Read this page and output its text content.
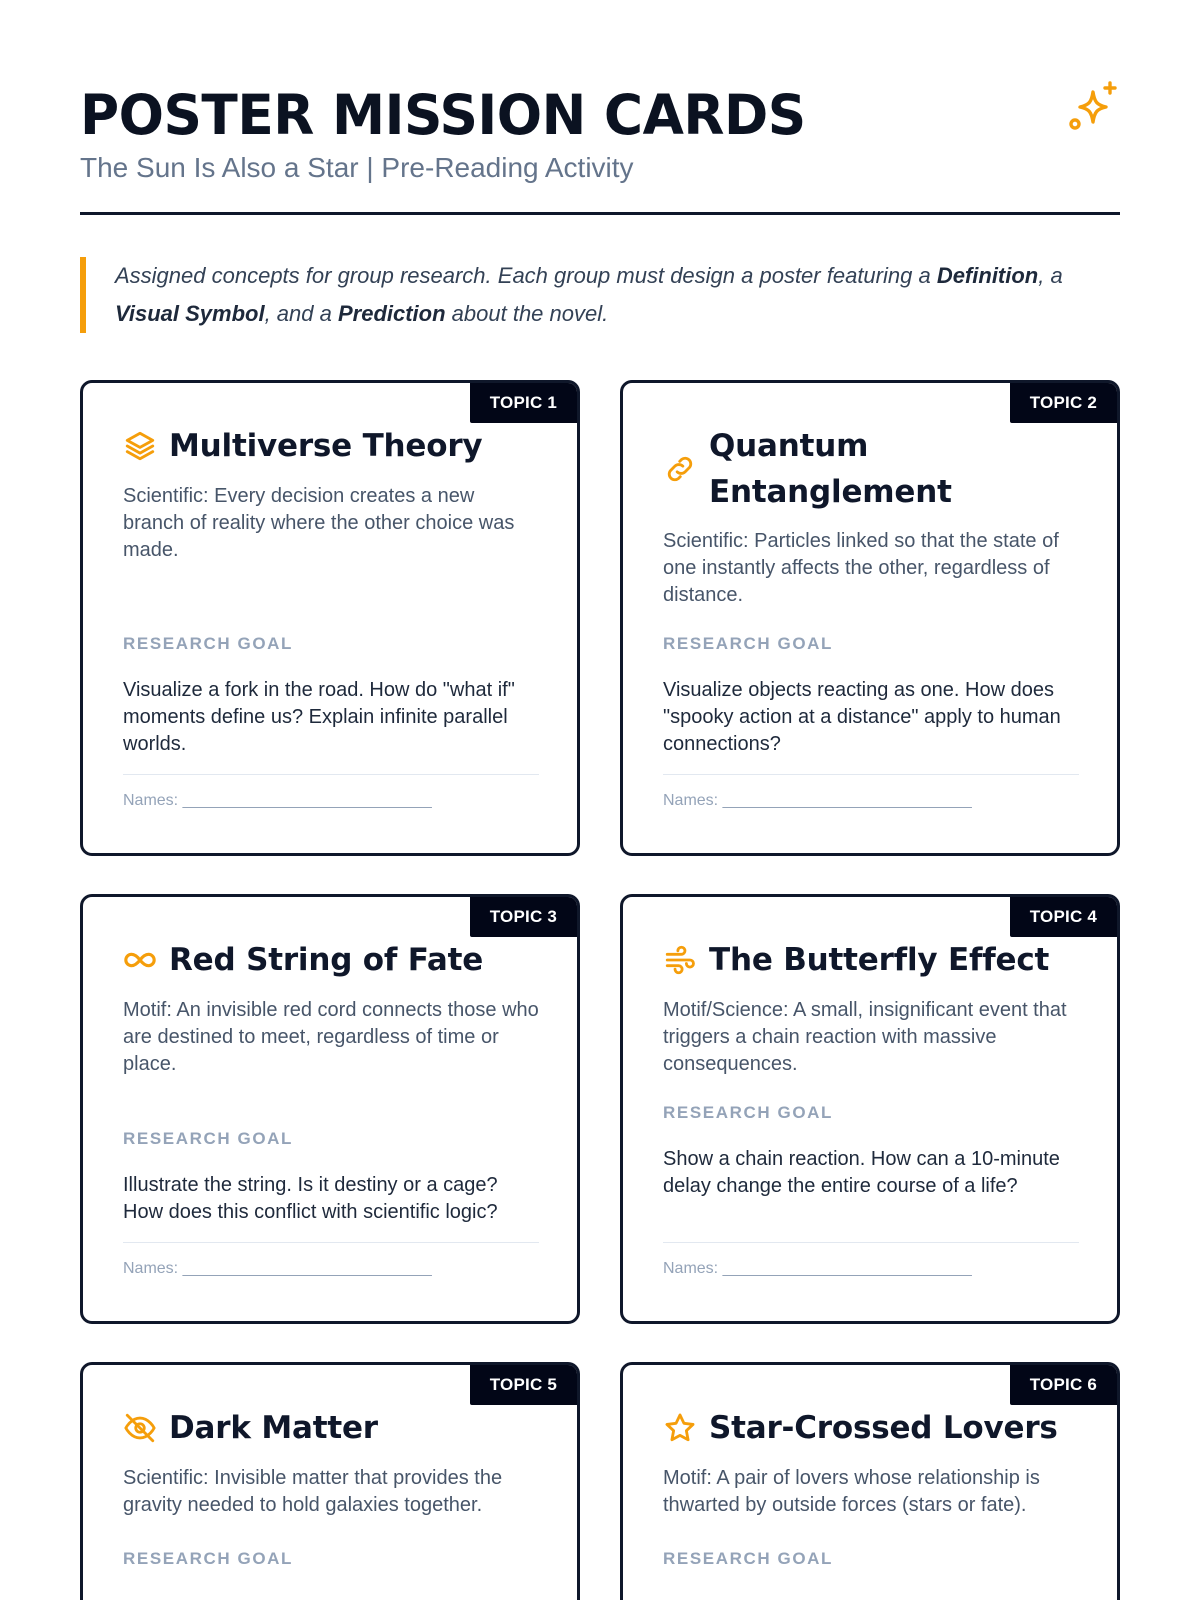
POSTER MISSION CARDS
The Sun Is Also a Star | Pre-Reading Activity

Assigned concepts for group research. Each group must design a poster featuring a Definition, a Visual Symbol, and a Prediction about the novel.

TOPIC 1
Multiverse Theory

Scientific: Every decision creates a new branch of reality where the other choice was made.

RESEARCH GOAL

Visualize a fork in the road. How do "what if" moments define us? Explain infinite parallel worlds.

Names: ____________________________
TOPIC 2
Quantum Entanglement

Scientific: Particles linked so that the state of one instantly affects the other, regardless of distance.

RESEARCH GOAL

Visualize objects reacting as one. How does "spooky action at a distance" apply to human connections?

Names: ____________________________
TOPIC 3
Red String of Fate

Motif: An invisible red cord connects those who are destined to meet, regardless of time or place.

RESEARCH GOAL

Illustrate the string. Is it destiny or a cage? How does this conflict with scientific logic?

Names: ____________________________
TOPIC 4
The Butterfly Effect

Motif/Science: A small, insignificant event that triggers a chain reaction with massive consequences.

RESEARCH GOAL

Show a chain reaction. How can a 10-minute delay change the entire course of a life?

Names: ____________________________
TOPIC 5
Dark Matter

Scientific: Invisible matter that provides the gravity needed to hold galaxies together.

RESEARCH GOAL
TOPIC 6
Star-Crossed Lovers

Motif: A pair of lovers whose relationship is thwarted by outside forces (stars or fate).

RESEARCH GOAL
